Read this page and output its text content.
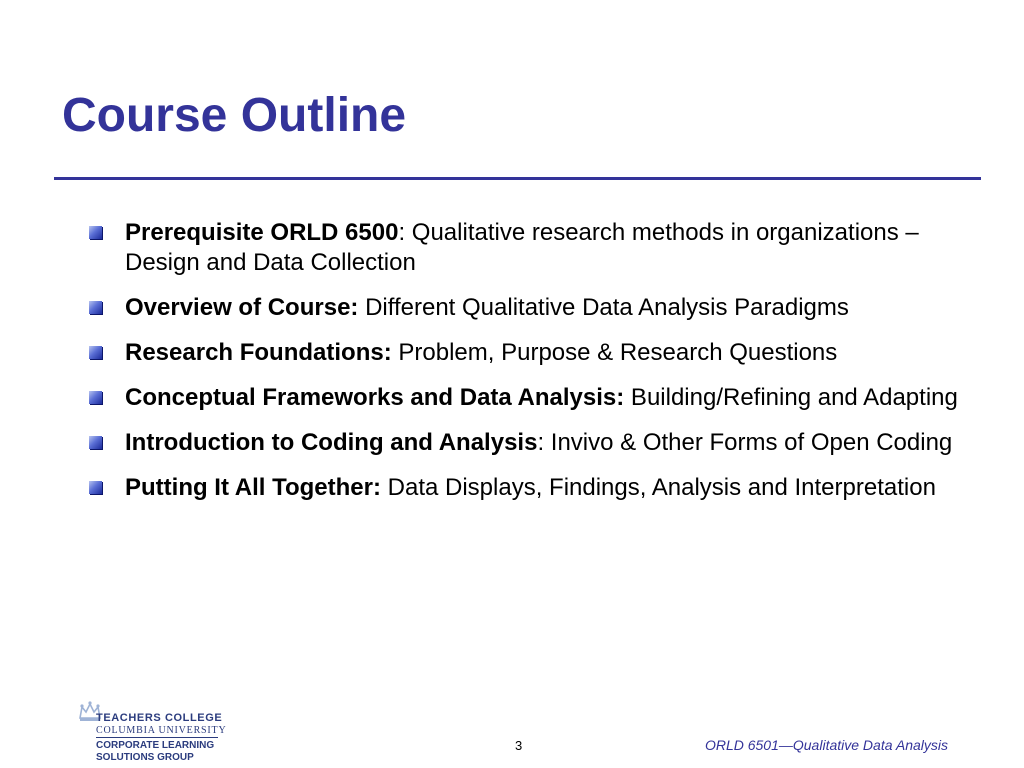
Course Outline
Prerequisite ORLD 6500: Qualitative research methods in organizations – Design and Data Collection
Overview of Course: Different Qualitative Data Analysis Paradigms
Research Foundations: Problem, Purpose & Research Questions
Conceptual Frameworks and Data Analysis: Building/Refining and Adapting
Introduction to Coding and Analysis: Invivo & Other Forms of Open Coding
Putting It All Together: Data Displays, Findings, Analysis and Interpretation
TEACHERS COLLEGE
COLUMBIA UNIVERSITY
CORPORATE LEARNING
SOLUTIONS GROUP
3	ORLD 6501—Qualitative Data Analysis
